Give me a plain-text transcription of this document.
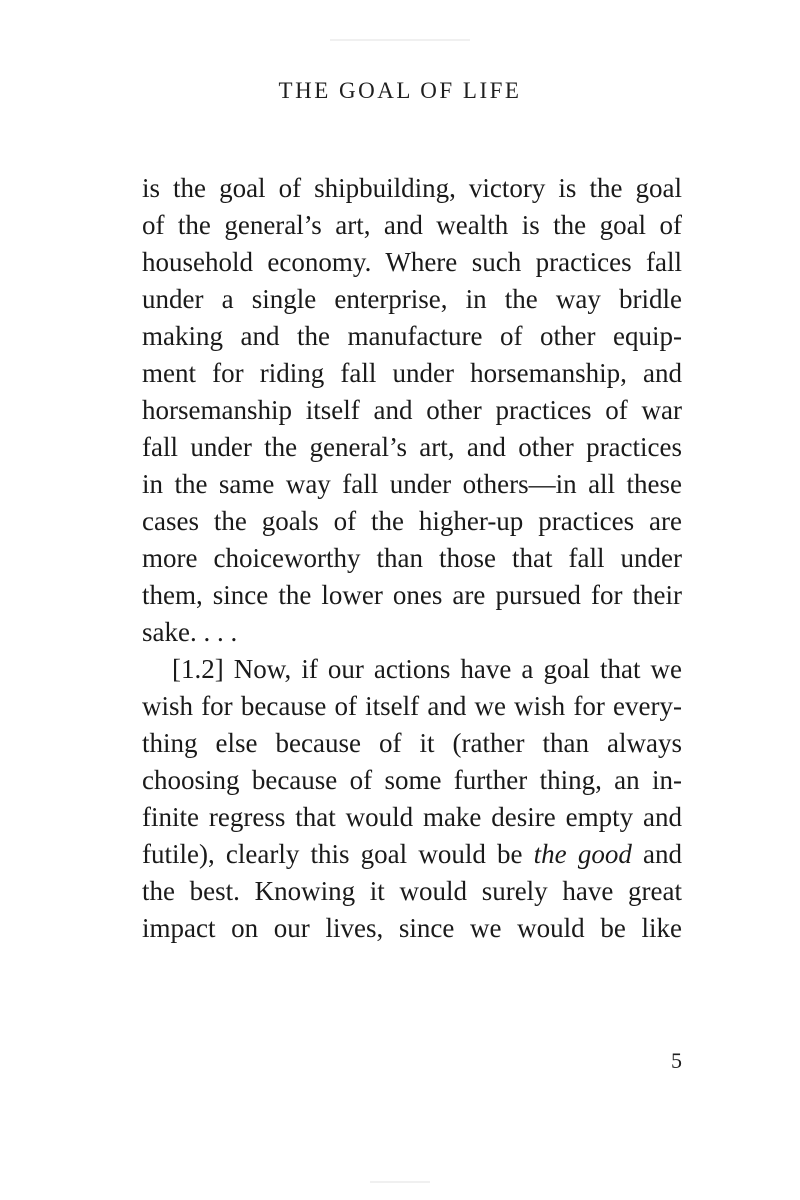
THE GOAL OF LIFE
is the goal of shipbuilding, victory is the goal
of the general’s art, and wealth is the goal of
household economy. Where such practices fall
under a single enterprise, in the way bridle
making and the manufacture of other equip-
ment for riding fall under horsemanship, and
horsemanship itself and other practices of war
fall under the general’s art, and other practices
in the same way fall under others—in all these
cases the goals of the higher-up practices are
more choiceworthy than those that fall under
them, since the lower ones are pursued for their
sake. . . .
[1.2] Now, if our actions have a goal that we
wish for because of itself and we wish for every-
thing else because of it (rather than always
choosing because of some further thing, an in-
finite regress that would make desire empty and
futile), clearly this goal would be the good and
the best. Knowing it would surely have great
impact on our lives, since we would be like
5
